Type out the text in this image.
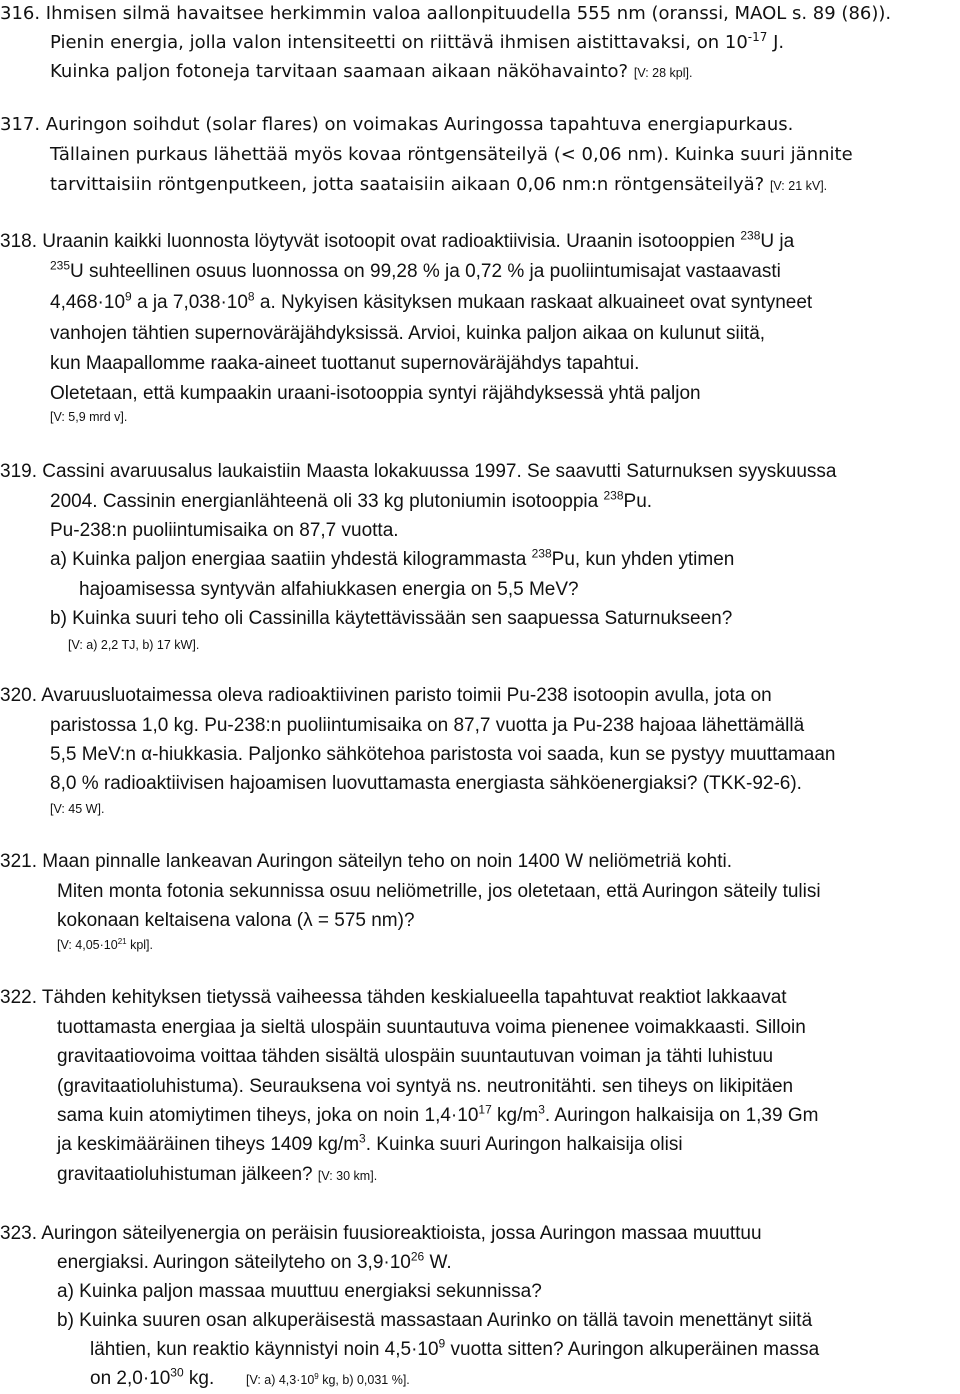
316. Ihmisen silmä havaitsee herkimmin valoa aallonpituudella 555 nm (oranssi, MAOL s. 89 (86)).
Pienin energia, jolla valon intensiteetti on riittävä ihmisen aistittavaksi, on $10^{-17}$ J.
Kuinka paljon fotoneja tarvitaan saamaan aikaan näköhavainto? [V: 28 kpl].
317. Auringon soihdut (solar flares) on voimakas Auringossa tapahtuva energiapurkaus.
Tällainen purkaus lähettää myös kovaa röntgensäteilyä (< 0,06 nm). Kuinka suuri jännite
tarvittaisiin röntgenputkeen, jotta saataisiin aikaan 0,06 nm:n röntgensäteilyä? [V: 21 kV].
318. Uraanin kaikki luonnosta löytyvät isotoopit ovat radioaktiivisia. Uraanin isotooppien $^{238}$U ja
$^{235}$U suhteellinen osuus luonnossa on 99,28 % ja 0,72 % ja puoliintumisajat vastaavasti
$4,468\cdot 10^9$ a ja $7,038\cdot 10^8$ a. Nykyisen käsityksen mukaan raskaat alkuaineet ovat syntyneet
vanhojen tähtien supernoväräjähdyksissä. Arvioi, kuinka paljon aikaa on kulunut siitä,
kun Maapallomme raaka-aineet tuottanut supernoväräjähdys tapahtui.
Oletetaan, että kumpaakin uraani-isotooppia syntyi räjähdyksessä yhtä paljon
[V: 5,9 mrd v].
319. Cassini avaruusalus laukaistiin Maasta lokakuussa 1997. Se saavutti Saturnuksen syyskuussa
2004. Cassinin energianlähteenä oli 33 kg plutoniumin isotooppia $^{238}$Pu.
Pu-238:n puoliintumisaika on 87,7 vuotta.
a) Kuinka paljon energiaa saatiin yhdestä kilogrammasta $^{238}$Pu, kun yhden ytimen
hajoamisessa syntyvän alfahiukkasen energia on 5,5 MeV?
b) Kuinka suuri teho oli Cassinilla käytettävissään sen saapuessa Saturnukseen?
[V: a) 2,2 TJ, b) 17 kW].
320. Avaruusluotaimessa oleva radioaktiivinen paristo toimii Pu-238 isotoopin avulla, jota on
paristossa 1,0 kg. Pu-238:n puoliintumisaika on 87,7 vuotta ja Pu-238 hajoaa lähettämällä
5,5 MeV:n α-hiukkasia. Paljonko sähkötehoa paristosta voi saada, kun se pystyy muuttamaan
8,0 % radioaktiivisen hajoamisen luovuttamasta energiasta sähköenergiaksi? (TKK-92-6).
[V: 45 W].
321. Maan pinnalle lankeavan Auringon säteilyn teho on noin 1400 W neliömetriä kohti.
Miten monta fotonia sekunnissa osuu neliömetrille, jos oletetaan, että Auringon säteily tulisi
kokonaan keltaisena valona (λ = 575 nm)?
[V: $4,05\cdot 10^{21}$ kpl].
322. Tähden kehityksen tietyssä vaiheessa tähden keskialueella tapahtuvat reaktiot lakkaavat
tuottamasta energiaa ja sieltä ulospäin suuntautuva voima pienenee voimakkaasti. Silloin
gravitaatiovoima voittaa tähden sisältä ulospäin suuntautuvan voiman ja tähti luhistuu
(gravitaatioluhistuma). Seurauksena voi syntyä ns. neutronitähti. sen tiheys on likipitäen
sama kuin atomiytimen tiheys, joka on noin $1,4\cdot 10^{17}$ $kg/m^3$. Auringon halkaisija on 1,39 Gm
ja keskimääräinen tiheys 1409 $kg/m^3$. Kuinka suuri Auringon halkaisija olisi
gravitaatioluhistuman jälkeen? [V: 30 km].
323. Auringon säteilyenergia on peräisin fuusioreaktioista, jossa Auringon massaa muuttuu
energiaksi. Auringon säteilyteho on $3,9\cdot 10^{26}$ W.
a) Kuinka paljon massaa muuttuu energiaksi sekunnissa?
b) Kuinka suuren osan alkuperäisestä massastaan Aurinko on tällä tavoin menettänyt siitä
lähtien, kun reaktio käynnistyi noin $4,5\cdot 10^9$ vuotta sitten? Auringon alkuperäinen massa
on $2,0\cdot 10^{30}$ kg.	[V: a) $4,3\cdot 10^9$ kg, b) 0,031 %].
